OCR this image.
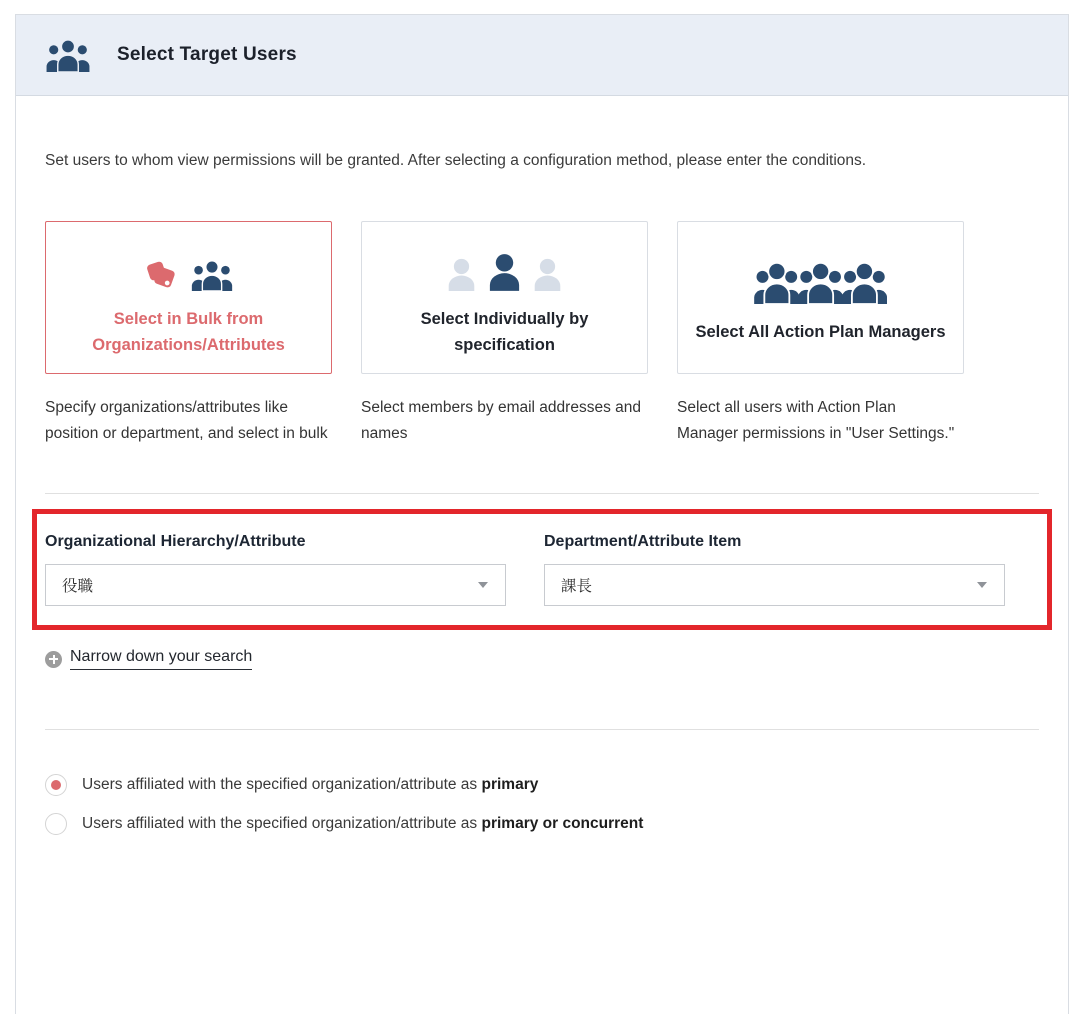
Select Target Users

Set users to whom view permissions will be granted. After selecting a configuration method, please enter the conditions.

Select in Bulk from Organizations/Attributes
Select Individually by specification
Select All Action Plan Managers
Specify organizations/attributes like position or department, and select in bulk
Select members by email addresses and names
Select all users with Action Plan Manager permissions in "User Settings."
Organizational Hierarchy/Attribute
役職
Department/Attribute Item
課長
Narrow down your search
Users affiliated with the specified organization/attribute as primary
Users affiliated with the specified organization/attribute as primary or concurrent
